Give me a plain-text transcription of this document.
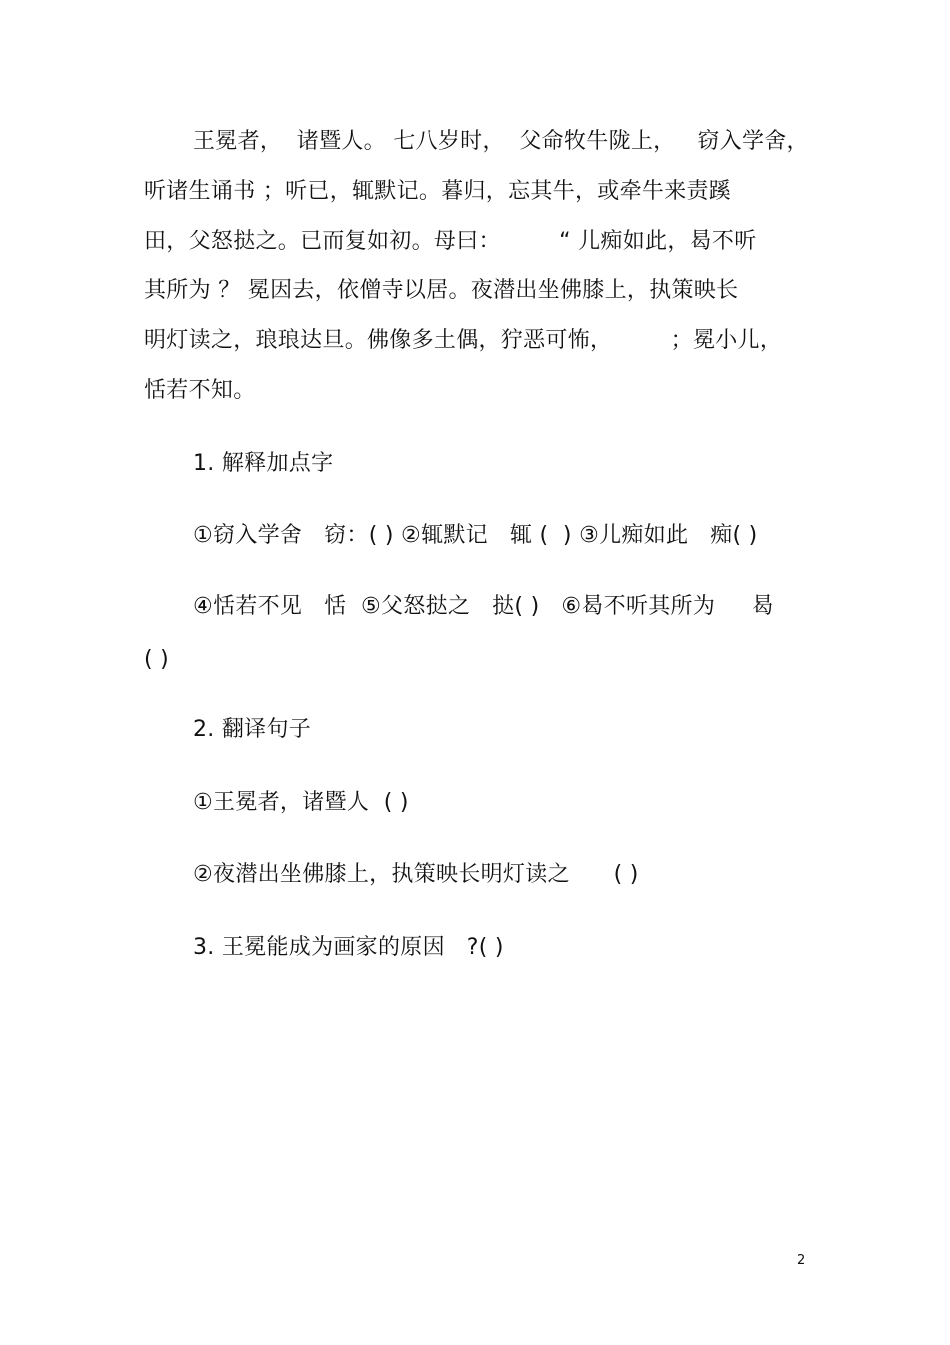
王冕者，  诸暨人。 七八岁时，  父命牧牛陇上，   窃入学舍，
听诸生诵书 ；听已，辄默记。暮归，忘其牛，或牵牛来责蹊
田，父怒挞之。已而复如初。母曰：        “ 儿痴如此，曷不听
其所为 ？ 冕因去，依僧寺以居。夜潜出坐佛膝上，执策映长
明灯读之，琅琅达旦。佛像多土偶，狞恶可怖，        ；冕小儿，
恬若不知。
1. 解释加点字
①窃入学舍   窃：( ) ②辄默记   辄 (  ) ③儿痴如此   痴( )
④恬若不见   恬  ⑤父怒挞之   挞( )   ⑥曷不听其所为     曷
( )
2. 翻译句子
①王冕者，诸暨人  ( )
②夜潜出坐佛膝上，执策映长明灯读之      ( )
3. 王冕能成为画家的原因   ?( )
2
